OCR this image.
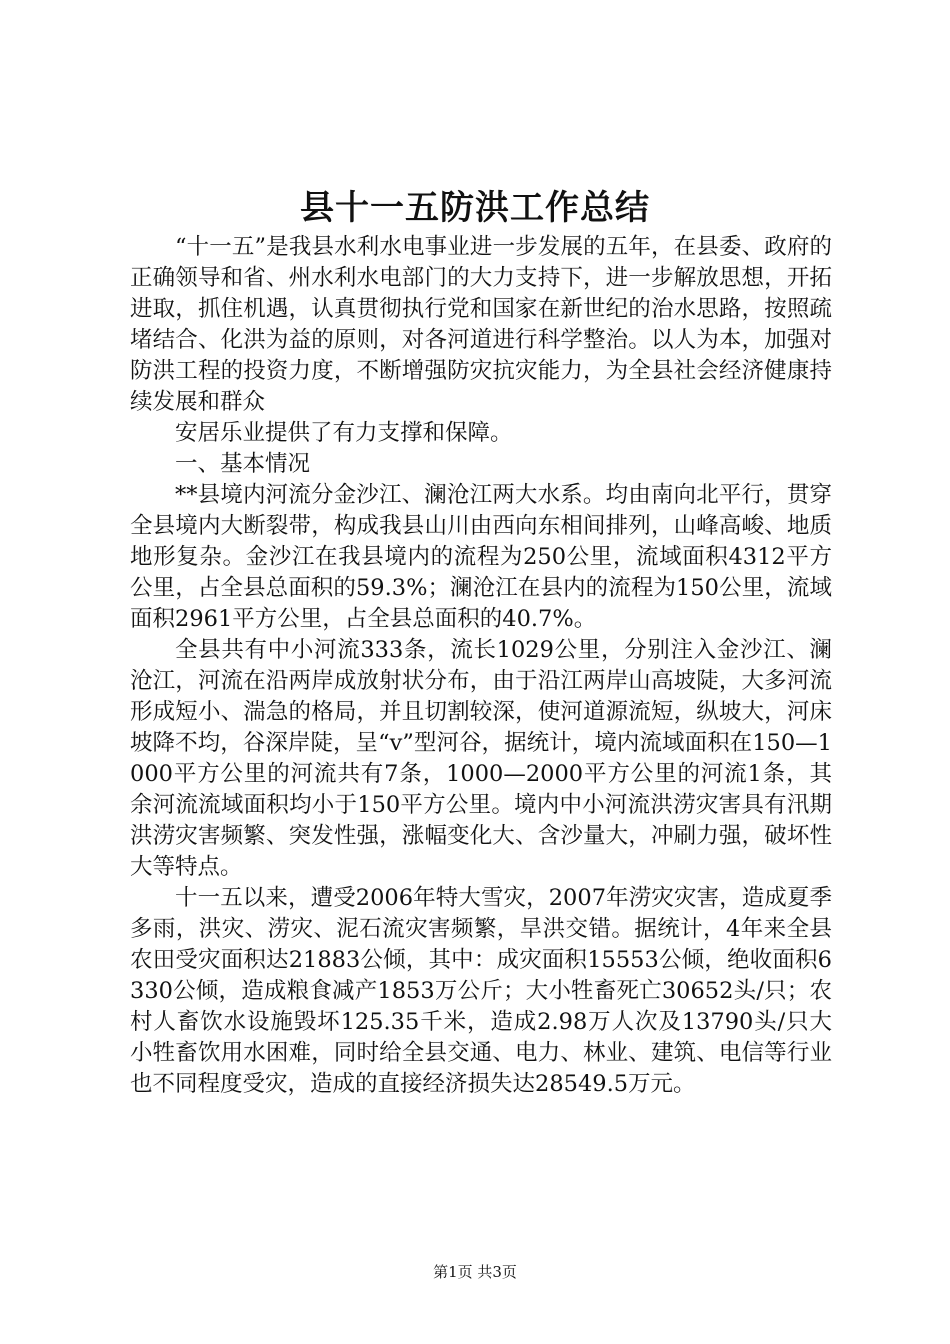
县十一五防洪工作总结

“十一五”是我县水利水电事业进一步发展的五年，在县委、政府的正确领导和省、州水利水电部门的大力支持下，进一步解放思想，开拓进取，抓住机遇，认真贯彻执行党和国家在新世纪的治水思路，按照疏堵结合、化洪为益的原则，对各河道进行科学整治。以人为本，加强对防洪工程的投资力度，不断增强防灾抗灾能力，为全县社会经济健康持续发展和群众

安居乐业提供了有力支撑和保障。

一、基本情况

**县境内河流分金沙江、澜沧江两大水系。均由南向北平行，贯穿全县境内大断裂带，构成我县山川由西向东相间排列，山峰高峻、地质地形复杂。金沙江在我县境内的流程为250公里，流域面积4312平方公里，占全县总面积的59.3%；澜沧江在县内的流程为150公里，流域面积2961平方公里，占全县总面积的40.7%。

全县共有中小河流333条，流长1029公里，分别注入金沙江、澜沧江，河流在沿两岸成放射状分布，由于沿江两岸山高坡陡，大多河流形成短小、湍急的格局，并且切割较深，使河道源流短，纵坡大，河床坡降不均，谷深岸陡，呈“v”型河谷，据统计，境内流域面积在150—1000平方公里的河流共有7条，1000—2000平方公里的河流1条，其余河流流域面积均小于150平方公里。境内中小河流洪涝灾害具有汛期洪涝灾害频繁、突发性强，涨幅变化大、含沙量大，冲刷力强，破坏性大等特点。

十一五以来，遭受2006年特大雪灾，2007年涝灾灾害，造成夏季多雨，洪灾、涝灾、泥石流灾害频繁，旱洪交错。据统计，4年来全县农田受灾面积达21883公倾，其中：成灾面积15553公倾，绝收面积6330公倾，造成粮食减产1853万公斤；大小牲畜死亡30652头/只；农村人畜饮水设施毁坏125.35千米，造成2.98万人次及13790头/只大小牲畜饮用水困难，同时给全县交通、电力、林业、建筑、电信等行业也不同程度受灾，造成的直接经济损失达28549.5万元。

第1页 共3页
